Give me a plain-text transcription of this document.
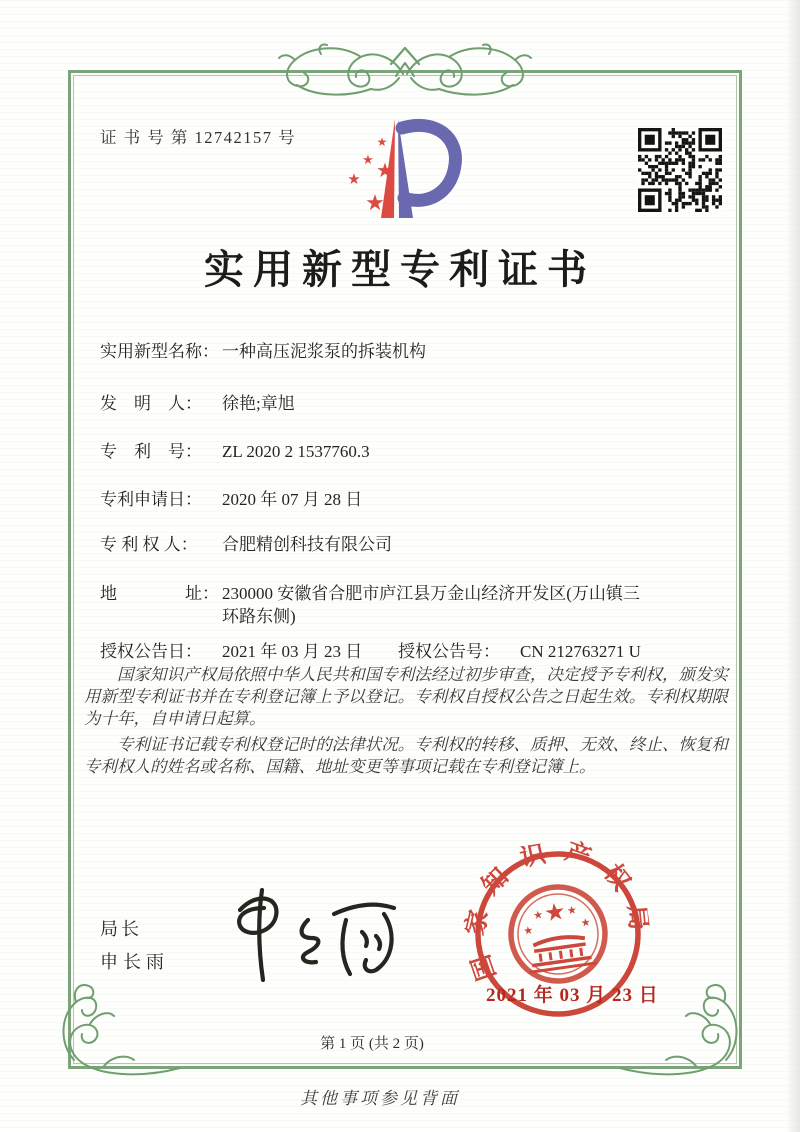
证 书 号 第 12742157 号	★
★
★ ★
★
实用新型专利证书
实用新型名称： 一种高压泥浆泵的拆装机构
发　明　人：	徐艳;章旭
专　利　号：	ZL 2020 2 1537760.3
专利申请日：	2020 年 07 月 28 日
专 利 权 人：	合肥精创科技有限公司
地　　　　址： 230000 安徽省合肥市庐江县万金山经济开发区(万山镇三环路东侧)
授权公告日：	2021 年 03 月 23 日	授权公告号：	CN 212763271 U

国家知识产权局依照中华人民共和国专利法经过初步审查，决定授予专利权，颁发实用新型专利证书并在专利登记簿上予以登记。专利权自授权公告之日起生效。专利权期限为十年，自申请日起算。

专利证书记载专利权登记时的法律状况。专利权的转移、质押、无效、终止、恢复和专利权人的姓名或名称、国籍、地址变更等事项记载在专利登记簿上。

局长
申长雨	国家知识产权局
★
★
★ ★
★
2021 年 03 月 23 日
第 1 页 (共 2 页)
其他事项参见背面
